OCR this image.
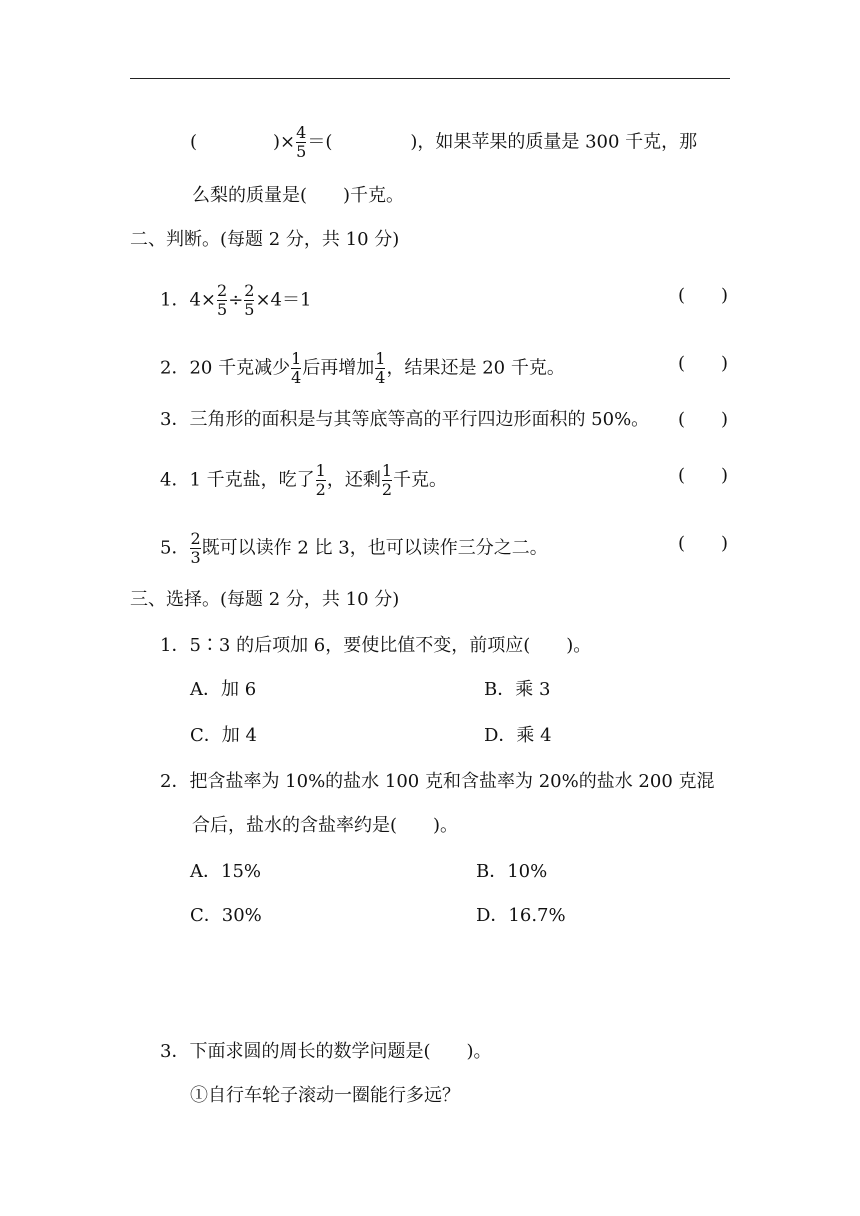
(	)× $\frac{4}{5}$ ＝(	)，如果苹果的质量是 300 千克，那
么梨的质量是(　　)千克。
二、判断。(每题 2 分，共 10 分)
1．$4\times \frac{2}{5} \div \frac{2}{5} \times 4=1$	(　　)
2．20 千克减少 $\frac{1}{4}$ 后再增加 $\frac{1}{4}$ ，结果还是 20 千克。	(　　)
3．三角形的面积是与其等底等高的平行四边形面积的 50%。 (　　)
4．1 千克盐，吃了 $\frac{1}{2}$ ，还剩 $\frac{1}{2}$ 千克。	(　　)
5． $\frac{2}{3}$ 既可以读作 2 比 3，也可以读作三分之二。	(　　)
三、选择。(每题 2 分，共 10 分)
1．5∶3 的后项加 6，要使比值不变，前项应(　　)。
A．加 6	B．乘 3
C．加 4	D．乘 4
2．把含盐率为 10%的盐水 100 克和含盐率为 20%的盐水 200 克混
合后，盐水的含盐率约是(　　)。
A．15%	B．10%
C．30%	D．16.7%
3．下面求圆的周长的数学问题是(　　)。
①自行车轮子滚动一圈能行多远？
